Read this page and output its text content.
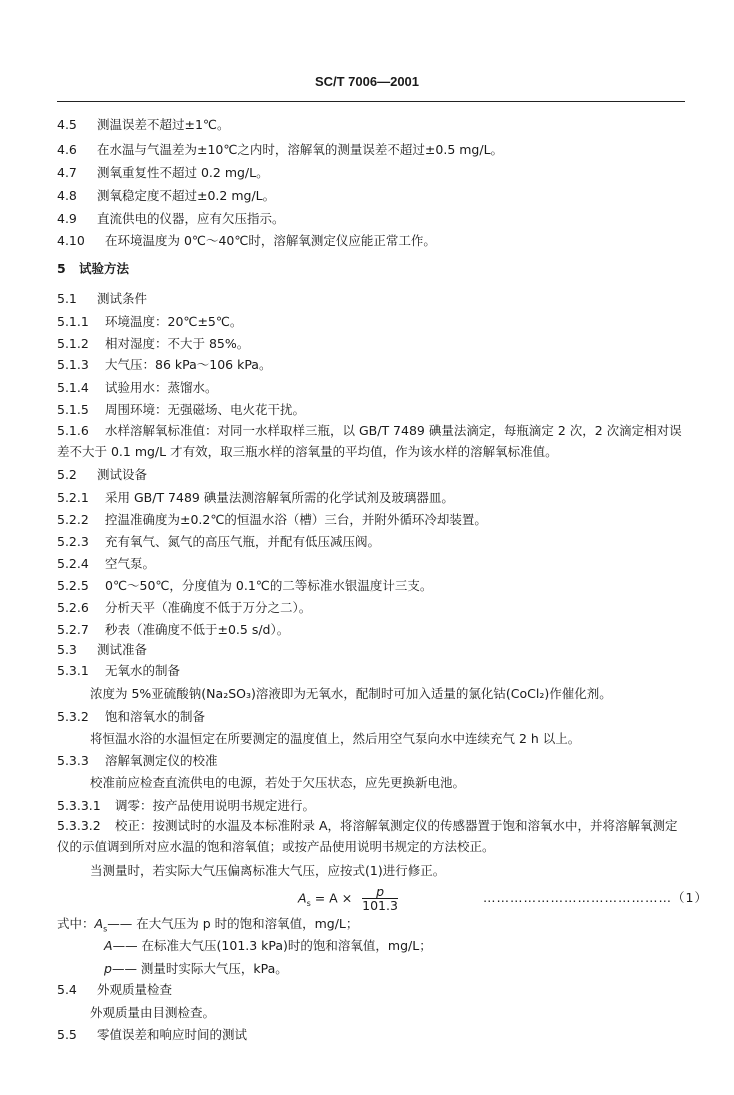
SC/T 7006—2001
4.5 测温误差不超过±1℃。
4.6 在水温与气温差为±10℃之内时，溶解氧的测量误差不超过±0.5 mg/L。
4.7 测氧重复性不超过 0.2 mg/L。
4.8 测氧稳定度不超过±0.2 mg/L。
4.9 直流供电的仪器，应有欠压指示。
4.10 在环境温度为 0℃～40℃时，溶解氧测定仪应能正常工作。
5 试验方法
5.1 测试条件
5.1.1 环境温度：20℃±5℃。
5.1.2 相对湿度：不大于 85%。
5.1.3 大气压：86 kPa～106 kPa。
5.1.4 试验用水：蒸馏水。
5.1.5 周围环境：无强磁场、电火花干扰。
5.1.6 水样溶解氧标准值：对同一水样取样三瓶，以 GB/T 7489 碘量法滴定，每瓶滴定 2 次，2 次滴定相对误差不大于 0.1 mg/L 才有效，取三瓶水样的溶氧量的平均值，作为该水样的溶解氧标准值。
5.2 测试设备
5.2.1 采用 GB/T 7489 碘量法测溶解氧所需的化学试剂及玻璃器皿。
5.2.2 控温准确度为±0.2℃的恒温水浴（槽）三台，并附外循环冷却装置。
5.2.3 充有氧气、氮气的高压气瓶，并配有低压减压阀。
5.2.4 空气泵。
5.2.5 0℃～50℃，分度值为 0.1℃的二等标准水银温度计三支。
5.2.6 分析天平（准确度不低于万分之二）。
5.2.7 秒表（准确度不低于±0.5 s/d）。
5.3 测试准备
5.3.1 无氧水的制备
浓度为 5%亚硫酸钠(Na₂SO₃)溶液即为无氧水，配制时可加入适量的氯化钴(CoCl₂)作催化剂。
5.3.2 饱和溶氧水的制备
将恒温水浴的水温恒定在所要测定的温度值上，然后用空气泵向水中连续充气 2 h 以上。
5.3.3 溶解氧测定仪的校准
校准前应检查直流供电的电源，若处于欠压状态，应先更换新电池。
5.3.3.1 调零：按产品使用说明书规定进行。
5.3.3.2 校正：按测试时的水温及本标准附录 A，将溶解氧测定仪的传感器置于饱和溶氧水中，并将溶解氧测定仪的示值调到所对应水温的饱和溶氧值；或按产品使用说明书规定的方法校正。
当测量时，若实际大气压偏离标准大气压，应按式(1)进行修正。
$A_s = A \times \frac{p}{101.3}$	……………………………………（1）
式中：$A_s——$ 在大气压为 p 时的饱和溶氧值，mg/L；
A—— 在标准大气压(101.3 kPa)时的饱和溶氧值，mg/L；
p—— 测量时实际大气压，kPa。
5.4 外观质量检查
外观质量由目测检查。
5.5 零值误差和响应时间的测试
